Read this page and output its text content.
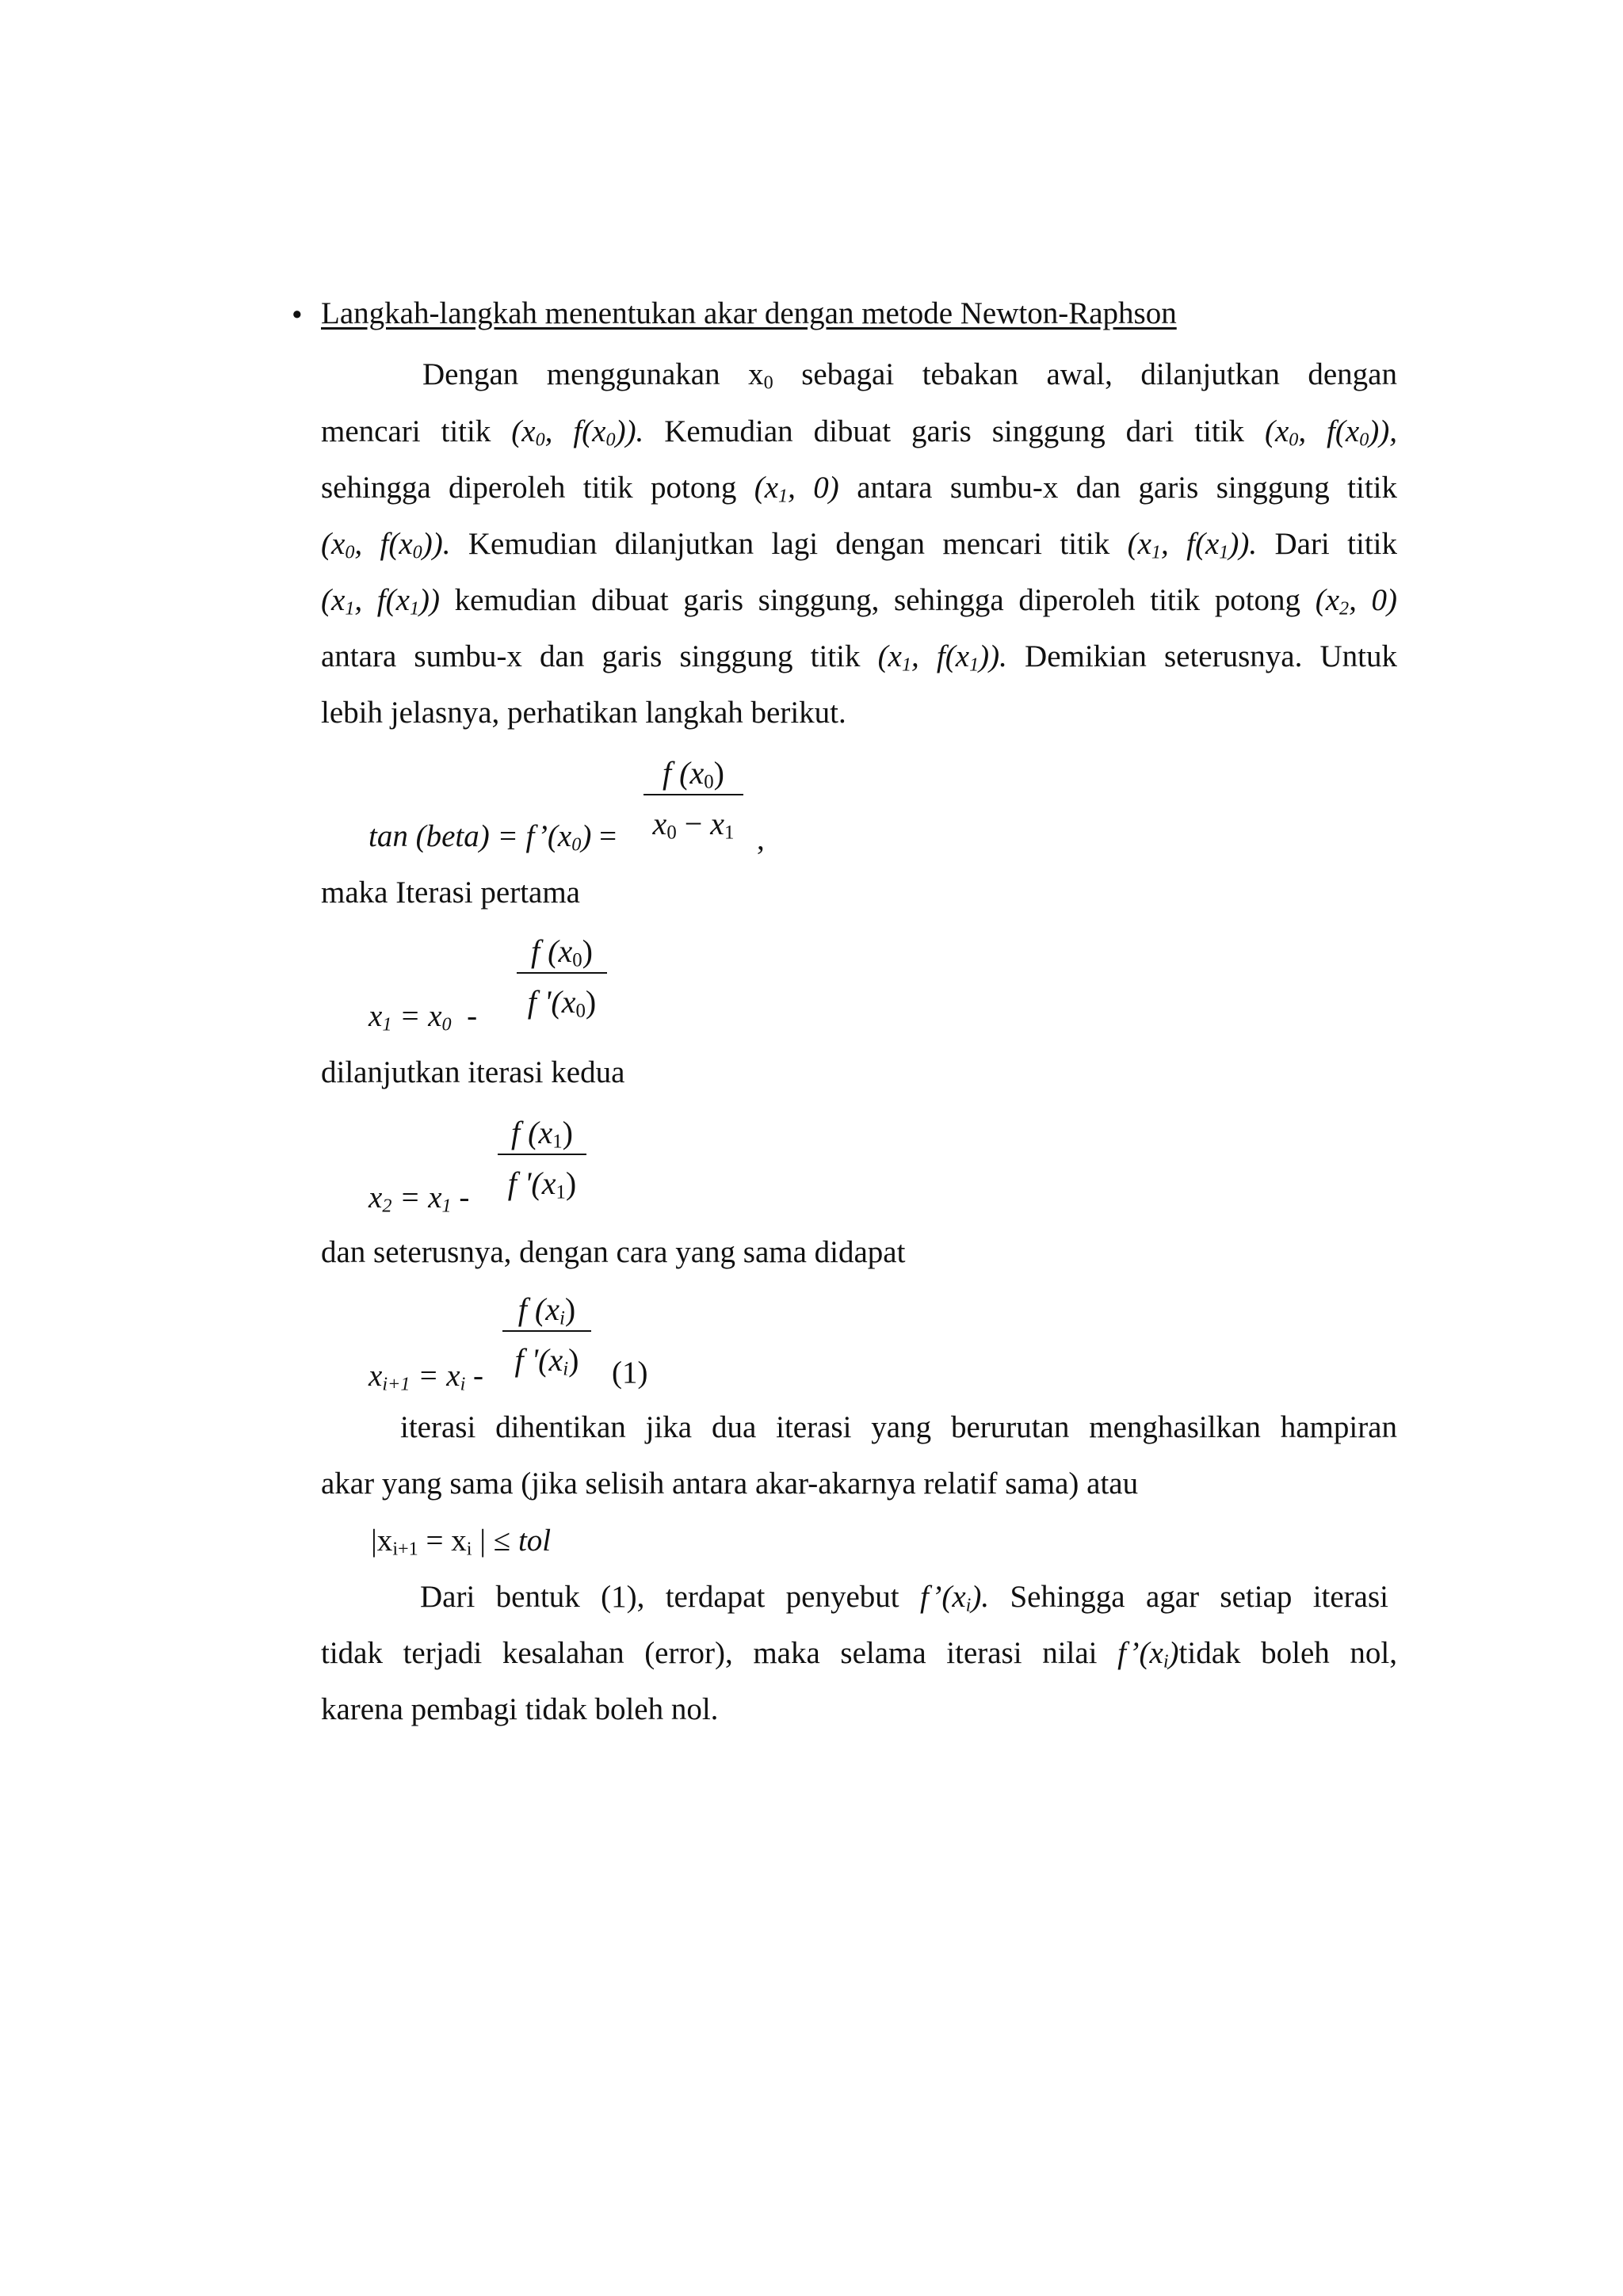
• Langkah-langkah menentukan akar dengan metode Newton-Raphson
Dengan menggunakan $x_0$ sebagai tebakan awal, dilanjutkan dengan
mencari titik ($x_0$, $f(x_0)$). Kemudian dibuat garis singgung dari titik ($x_0$, $f(x_0)$),
sehingga diperoleh titik potong ($x_1$, 0) antara sumbu-x dan garis singgung titik
($x_0$, $f(x_0)$). Kemudian dilanjutkan lagi dengan mencari titik ($x_1$, $f(x_1)$). Dari titik
($x_1$, $f(x_1)$) kemudian dibuat garis singgung, sehingga diperoleh titik potong ($x_2$, 0)
antara sumbu-x dan garis singgung titik ($x_1$, $f(x_1)$). Demikian seterusnya. Untuk
lebih jelasnya, perhatikan langkah berikut.
tan (beta) = $f’(x_0)$ =
f (x0)
x0 − x1 ,
maka Iterasi pertama
$x_1 = x_0$ -
f (x0)
f '(x0)
dilanjutkan iterasi kedua
$x_2 = x_1$ -
f (x1)
f '(x1)
dan seterusnya, dengan cara yang sama didapat
$x_{i+1} = x_i$ -
f (xi)
f '(xi)	(1)
iterasi dihentikan jika dua iterasi yang berurutan menghasilkan hampiran
akar yang sama (jika selisih antara akar-akarnya relatif sama) atau
$|x_{i+1} = x_i$ | ≤ tol
Dari bentuk (1), terdapat penyebut $f’(x_i)$. Sehingga agar setiap iterasi
tidak terjadi kesalahan (error), maka selama iterasi nilai $f’(x_i)tidak$ boleh nol,
karena pembagi tidak boleh nol.
